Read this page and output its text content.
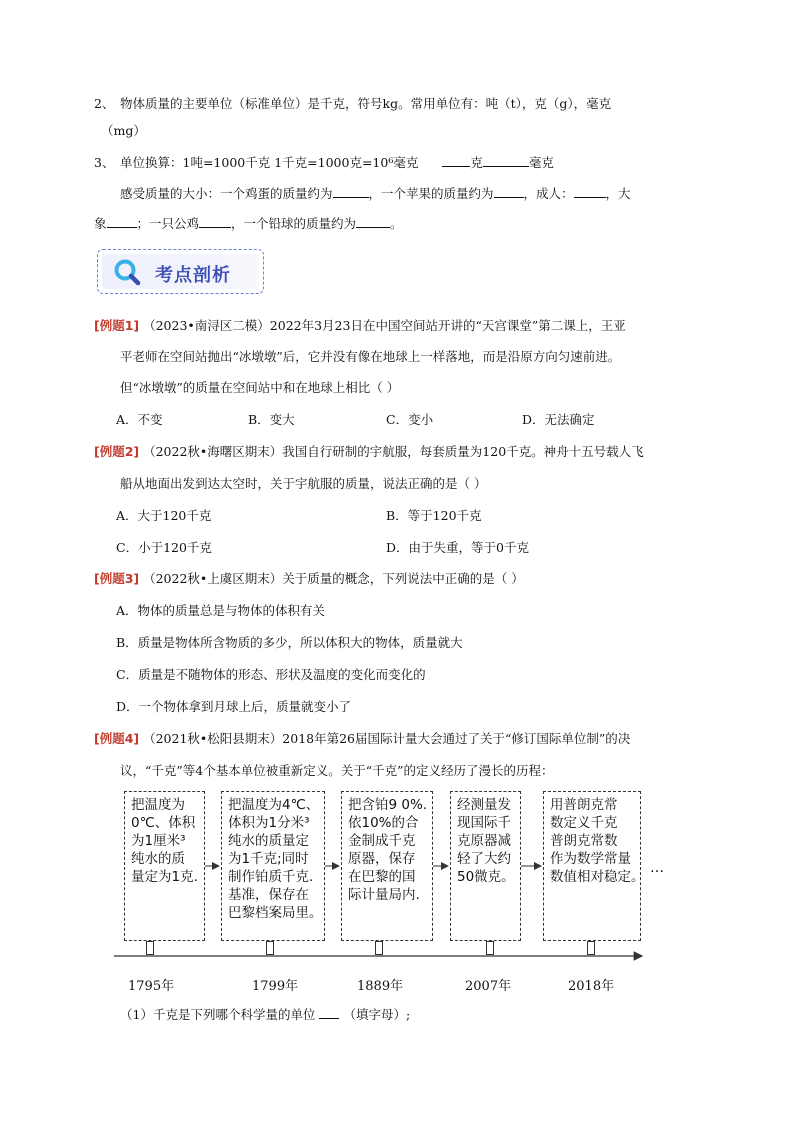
2、 物体质量的主要单位（标准单位）是千克，符号kg。常用单位有：吨（t），克（g），毫克
（mg）
3、 单位换算：1吨=1000千克 1千克=1000克=10⁶毫克	克	毫克
感受质量的大小：一个鸡蛋的质量约为	，一个苹果的质量约为 ，成人：	，大
象 ；一只公鸡	，一个铅球的质量约为	。
考点剖析
[例题1] （2023•南浔区二模）2022年3月23日在中国空间站开讲的“天宫课堂”第二课上，王亚
平老师在空间站抛出“冰墩墩”后，它并没有像在地球上一样落地，而是沿原方向匀速前进。
但“冰墩墩”的质量在空间站中和在地球上相比（ ）
A．不变	B．变大	C．变小	D．无法确定
[例题2] （2022秋•海曙区期末）我国自行研制的宇航服，每套质量为120千克。神舟十五号载人飞
船从地面出发到达太空时，关于宇航服的质量，说法正确的是（ ）
A．大于120千克	B．等于120千克
C．小于120千克	D．由于失重，等于0千克
[例题3] （2022秋•上虞区期末）关于质量的概念，下列说法中正确的是（ ）
A．物体的质量总是与物体的体积有关
B．质量是物体所含物质的多少，所以体积大的物体，质量就大
C．质量是不随物体的形态、形状及温度的变化而变化的
D．一个物体拿到月球上后，质量就变小了
[例题4] （2021秋•松阳县期末）2018年第26届国际计量大会通过了关于“修订国际单位制”的决
议，“千克”等4个基本单位被重新定义。关于“千克”的定义经历了漫长的历程：
把温度为
0℃、体积
为1厘米³
纯水的质
量定为1克.
把温度为4℃、
体积为1分米³
纯水的质量定
为1千克;同时
制作铂质千克.
基准，保存在
巴黎档案局里。
把含铂9 0%.
依10%的合
金制成千克
原器，保存
在巴黎的国
际计量局内.
经测量发
现国际千
克原器减
轻了大约
50微克。
用普朗克常
数定义千克
普朗克常数
作为数学常量
数值相对稳定。
1795年	1799年	1889年	2007年	2018年
…
（1）千克是下列哪个科学量的单位 （填字母）;
